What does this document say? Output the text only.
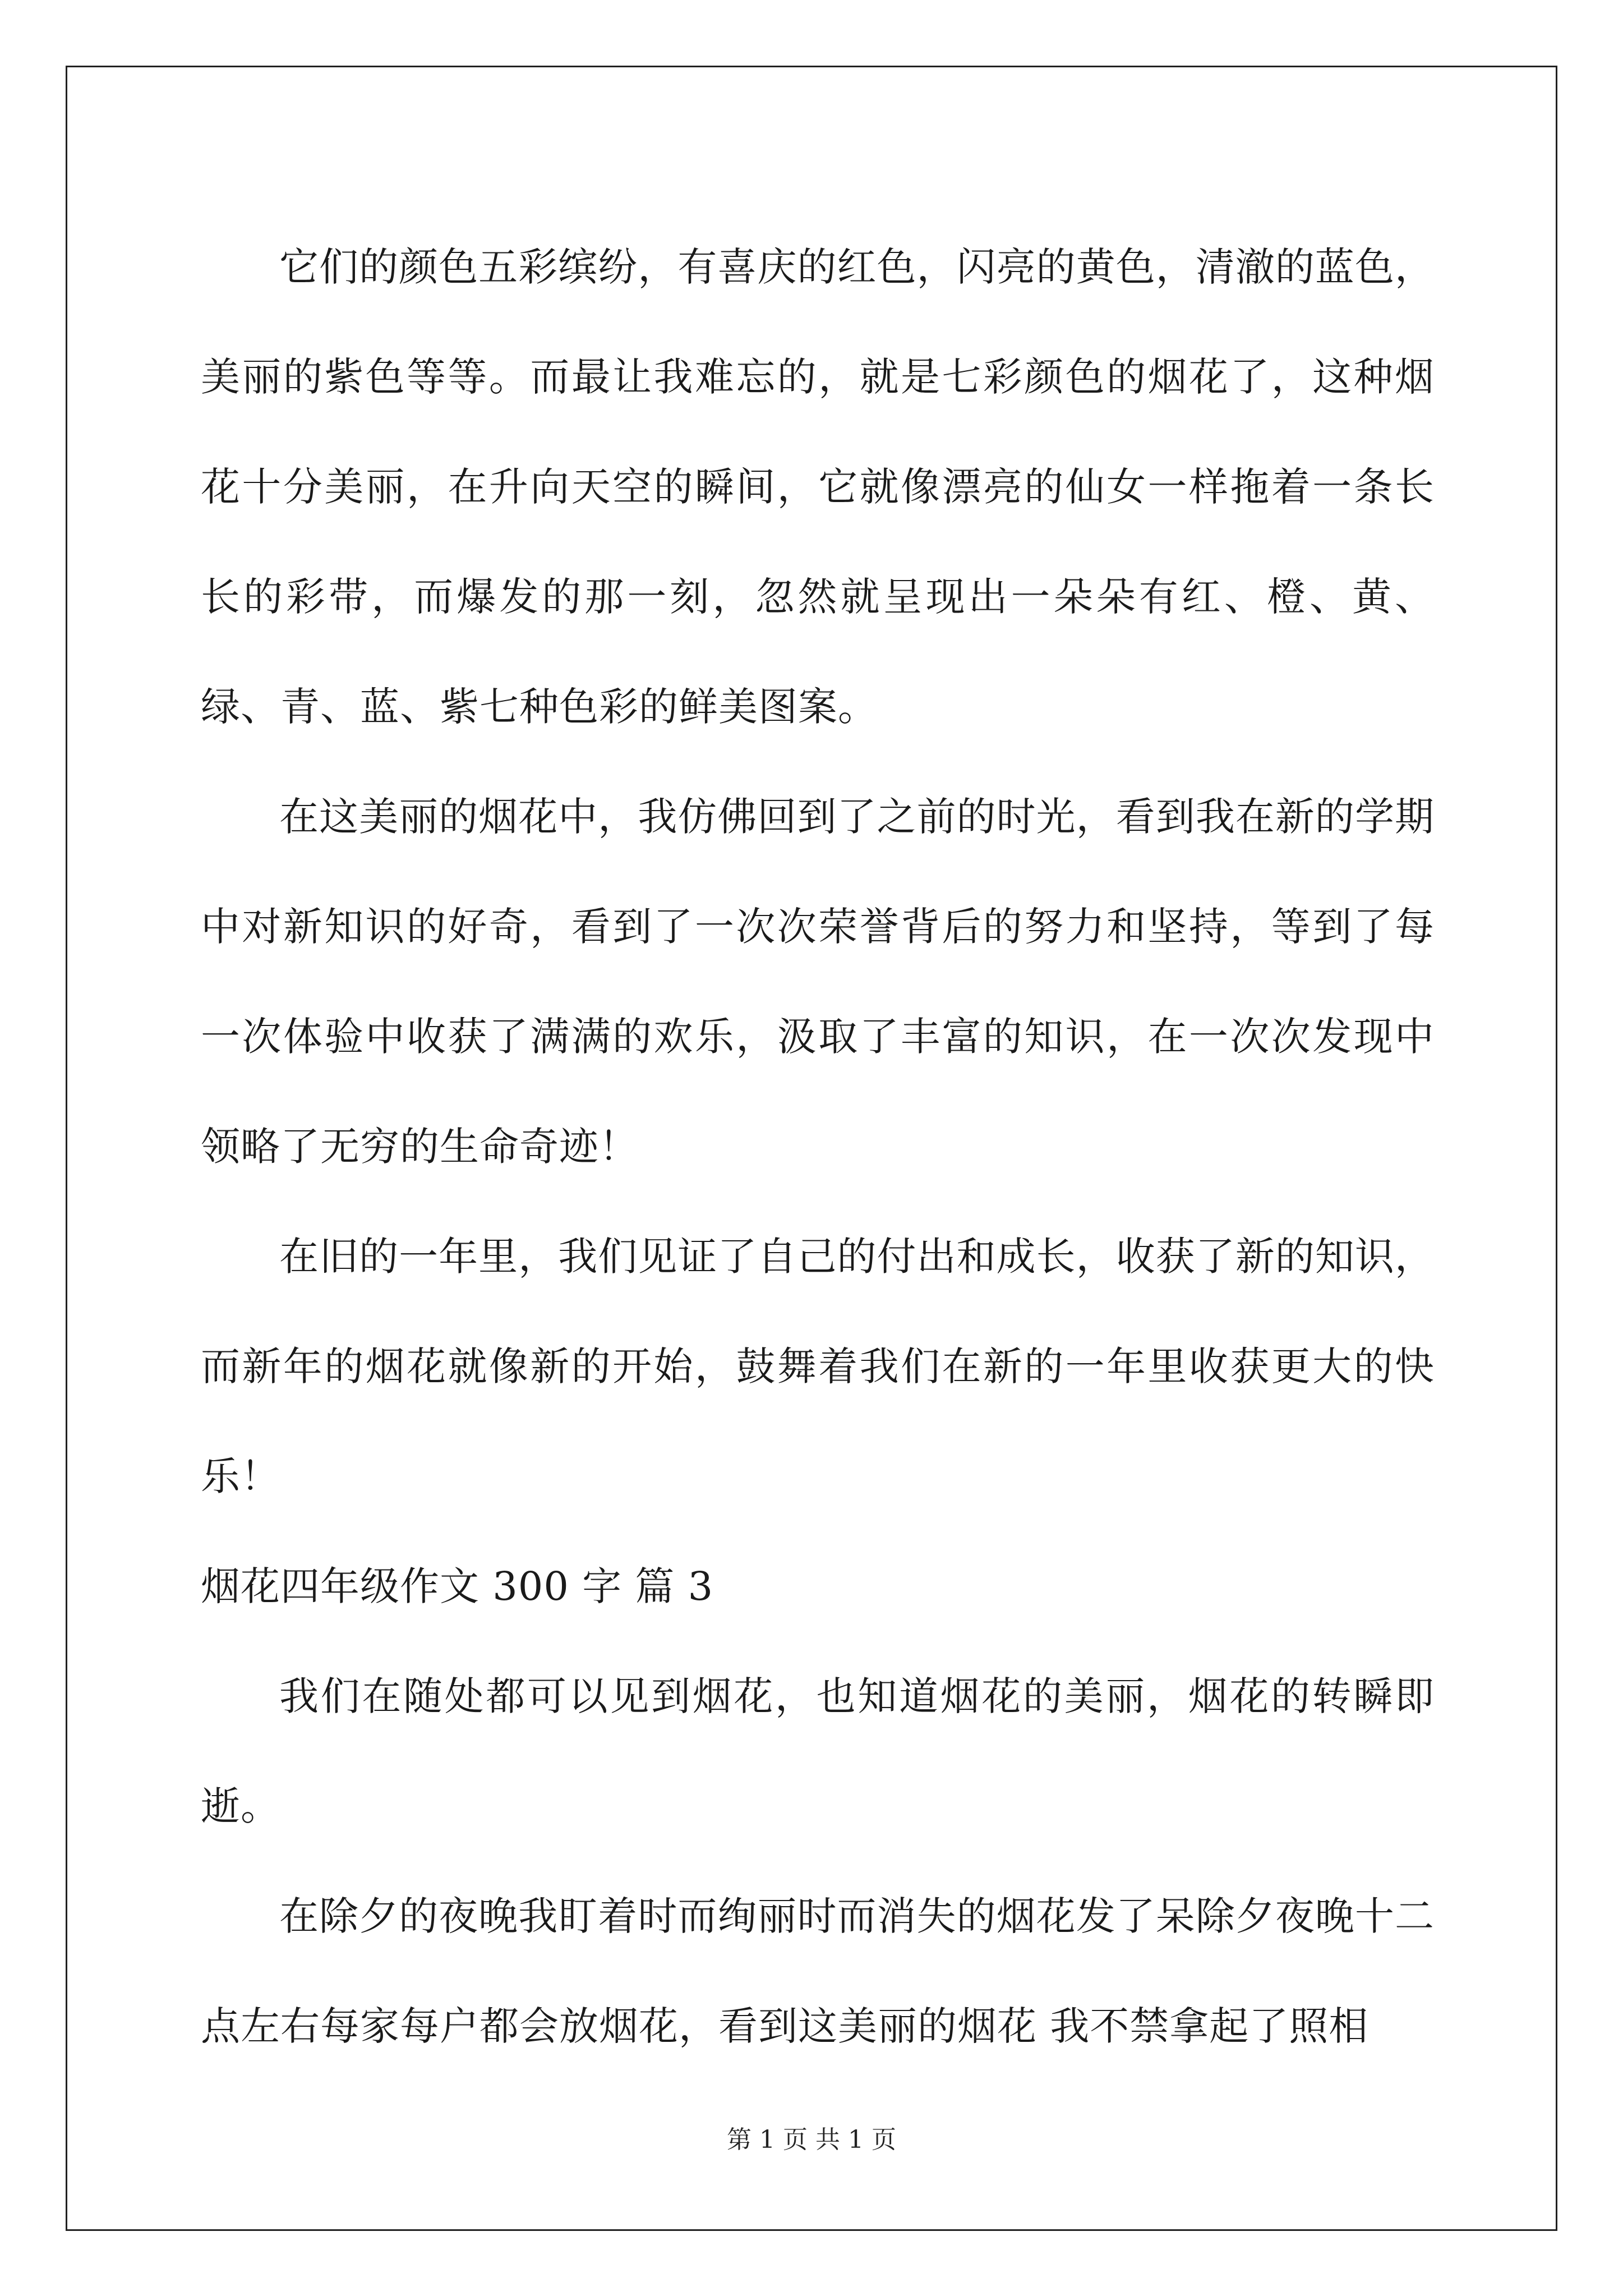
它们的颜色五彩缤纷，有喜庆的红色，闪亮的黄色，清澈的蓝色，美丽的紫色等等。而最让我难忘的，就是七彩颜色的烟花了，这种烟花十分美丽，在升向天空的瞬间，它就像漂亮的仙女一样拖着一条长长的彩带，而爆发的那一刻，忽然就呈现出一朵朵有红、橙、黄、绿、青、蓝、紫七种色彩的鲜美图案。

在这美丽的烟花中，我仿佛回到了之前的时光，看到我在新的学期中对新知识的好奇，看到了一次次荣誉背后的努力和坚持，等到了每一次体验中收获了满满的欢乐，汲取了丰富的知识，在一次次发现中领略了无穷的生命奇迹！

在旧的一年里，我们见证了自己的付出和成长，收获了新的知识，而新年的烟花就像新的开始，鼓舞着我们在新的一年里收获更大的快乐！

烟花四年级作文 300 字 篇 3

我们在随处都可以见到烟花，也知道烟花的美丽，烟花的转瞬即逝。

在除夕的夜晚我盯着时而绚丽时而消失的烟花发了呆除夕夜晚十二点左右每家每户都会放烟花，看到这美丽的烟花 我不禁拿起了照相

第 1 页 共 1 页
